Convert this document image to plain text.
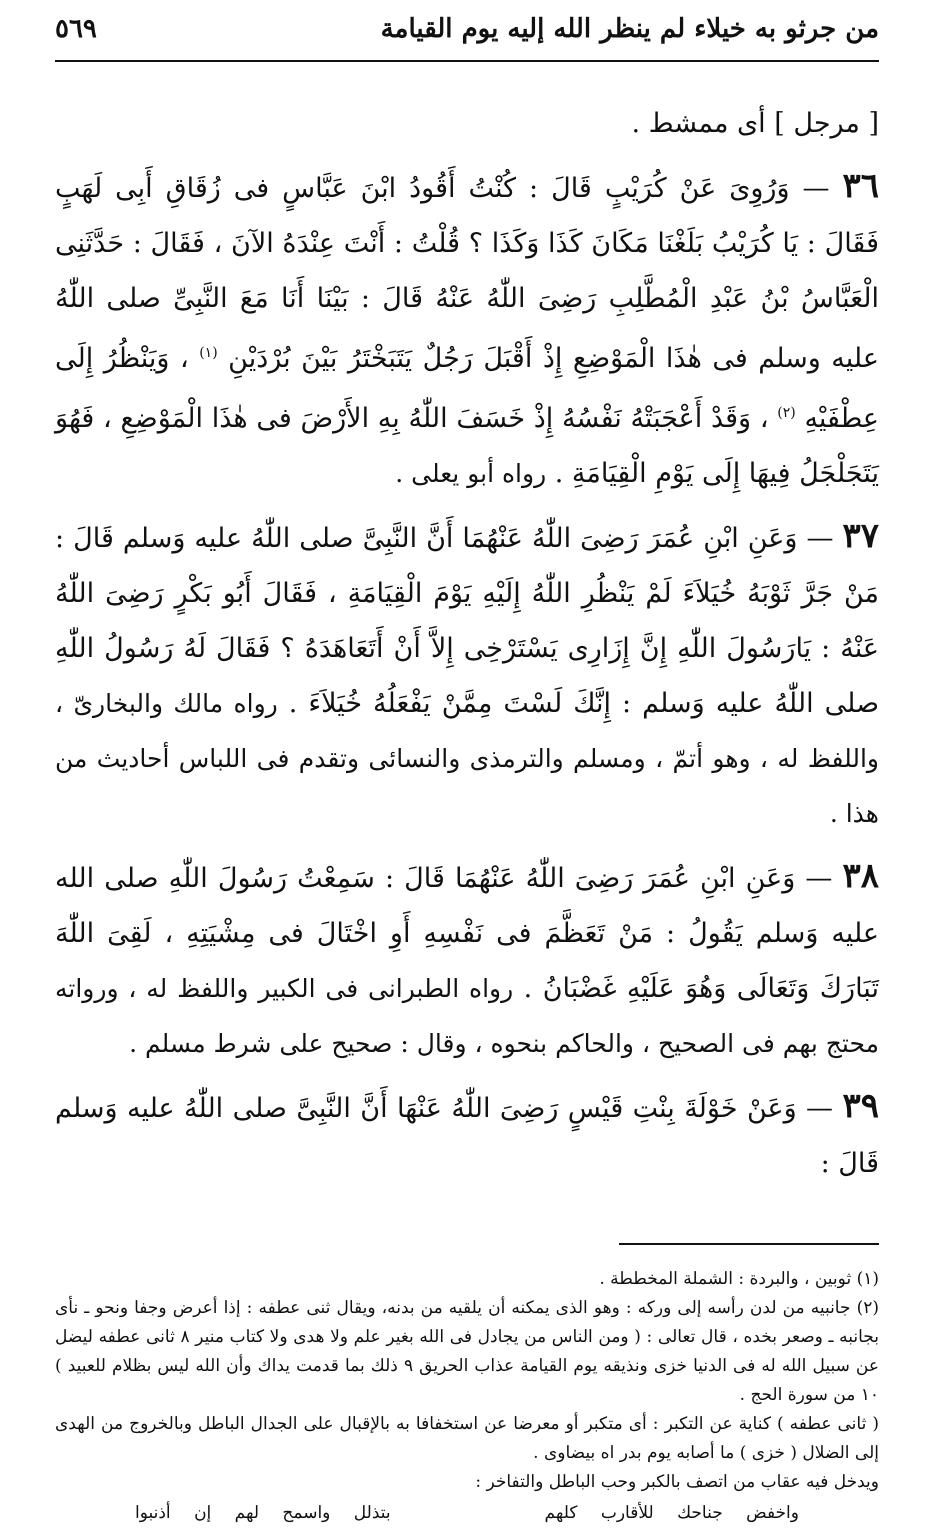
من جرثو به خيلاء لم ينظر الله إليه يوم القيامة
٥٦٩

[ مرجل ] أى ممشط .

٣٦ — وَرُوِىَ عَنْ كُرَيْبٍ قَالَ : كُنْتُ أَقُودُ ابْنَ عَبَّاسٍ فى زُقَاقِ أَبِى لَهَبٍ فَقَالَ : يَا كُرَيْبُ بَلَغْنَا مَكَانَ كَذَا وَكَذَا ؟ قُلْتُ : أَنْتَ عِنْدَهُ الآنَ ، فَقَالَ : حَدَّثَنِى الْعَبَّاسُ بْنُ عَبْدِ الْمُطَّلِبِ رَضِىَ اللّٰهُ عَنْهُ قَالَ : بَيْنَا أَنَا مَعَ النَّبِىِّ صلى اللّٰهُ عليه وسلم فى هٰذَا الْمَوْضِعِ إِذْ أَقْبَلَ رَجُلٌ يَتَبَخْتَرُ بَيْنَ بُرْدَيْنِ $^{(١)}$ ، وَيَنْظُرُ إِلَى عِطْفَيْهِ $^{(٢)}$ ، وَقَدْ أَعْجَبَتْهُ نَفْسُهُ إِذْ خَسَفَ اللّٰهُ بِهِ الأَرْضَ فى هٰذَا الْمَوْضِعِ ، فَهُوَ يَتَجَلْجَلُ فِيهَا إِلَى يَوْمِ الْقِيَامَةِ . رواه أبو يعلى .

٣٧ — وَعَنِ ابْنِ عُمَرَ رَضِىَ اللّٰهُ عَنْهُمَا أَنَّ النَّبِىَّ صلى اللّٰهُ عليه وَسلم قَالَ : مَنْ جَرَّ ثَوْبَهُ خُيَلاَءَ لَمْ يَنْظُرِ اللّٰهُ إِلَيْهِ يَوْمَ الْقِيَامَةِ ، فَقَالَ أَبُو بَكْرٍ رَضِىَ اللّٰهُ عَنْهُ : يَارَسُولَ اللّٰهِ إِنَّ إِزَارِى يَسْتَرْخِى إِلاَّ أَنْ أَتَعَاهَدَهُ ؟ فَقَالَ لَهُ رَسُولُ اللّٰهِ صلى اللّٰهُ عليه وَسلم : إِنَّكَ لَسْتَ مِمَّنْ يَفْعَلُهُ خُيَلاَءَ . رواه مالك والبخارىّ ، واللفظ له ، وهو أتمّ ، ومسلم والترمذى والنسائى وتقدم فى اللباس أحاديث من هذا .

٣٨ — وَعَنِ ابْنِ عُمَرَ رَضِىَ اللّٰهُ عَنْهُمَا قَالَ : سَمِعْتُ رَسُولَ اللّٰهِ صلى الله عليه وَسلم يَقُولُ : مَنْ تَعَظَّمَ فى نَفْسِهِ أَوِ اخْتَالَ فى مِشْيَتِهِ ، لَقِىَ اللّٰهَ تَبَارَكَ وَتَعَالَى وَهُوَ عَلَيْهِ غَضْبَانُ . رواه الطبرانى فى الكبير واللفظ له ، ورواته محتج بهم فى الصحيح ، والحاكم بنحوه ، وقال : صحيح على شرط مسلم .

٣٩ — وَعَنْ خَوْلَةَ بِنْتِ قَيْسٍ رَضِىَ اللّٰهُ عَنْهَا أَنَّ النَّبِىَّ صلى اللّٰهُ عليه وَسلم قَالَ :

(١) ثوبين ، والبردة : الشملة المخططة .

(٢) جانبيه من لدن رأسه إلى وركه : وهو الذى يمكنه أن يلقيه من بدنه، ويقال ثنى عطفه : إذا أعرض وجفا ونحو ـ نأى بجانبه ـ وصعر بخده ، قال تعالى : ( ومن الناس من يجادل فى الله بغير علم ولا هدى ولا كتاب منير ٨ ثانى عطفه ليضل عن سبيل الله له فى الدنيا خزى ونذيقه يوم القيامة عذاب الحريق ٩ ذلك بما قدمت يداك وأن الله ليس بظلام للعبيد ) ١٠ من سورة الحج .

( ثانى عطفه ) كناية عن التكبر : أى متكبر أو معرضا عن استخفافا به بالإقبال على الجدال الباطل وبالخروج من الهدى إلى الضلال ( خزى ) ما أصابه يوم بدر اه بيضاوى .

ويدخل فيه عقاب من اتصف بالكبر وحب الباطل والتفاخر :

واخفض جناحك للأقارب كلهم
بتذلل واسمح لهم إن أذنبوا
